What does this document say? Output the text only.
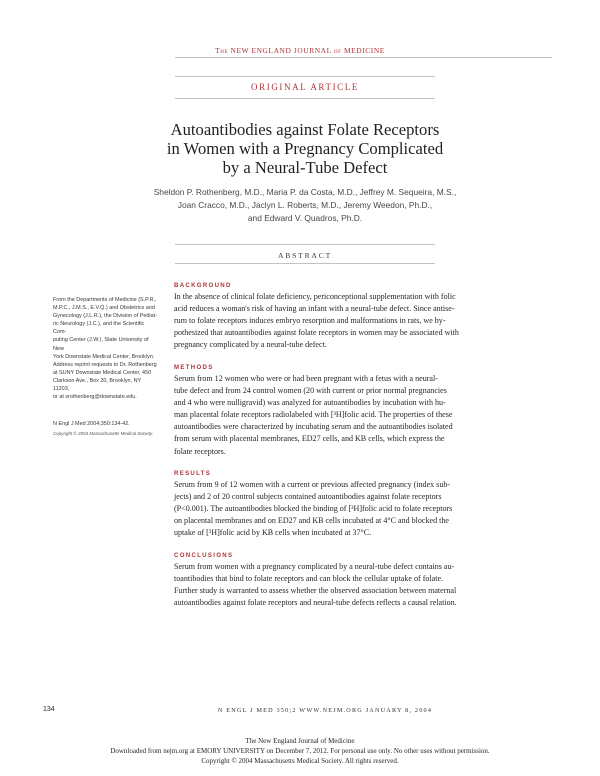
The NEW ENGLAND JOURNAL of MEDICINE
ORIGINAL ARTICLE
Autoantibodies against Folate Receptors
in Women with a Pregnancy Complicated
by a Neural-Tube Defect
Sheldon P. Rothenberg, M.D., Maria P. da Costa, M.D., Jeffrey M. Sequeira, M.S.,
Joan Cracco, M.D., Jaclyn L. Roberts, M.D., Jeremy Weedon, Ph.D.,
and Edward V. Quadros, Ph.D.
ABSTRACT
From the Departments of Medicine (S.P.R.,
M.P.C., J.M.S., E.V.Q.) and Obstetrics and
Gynecology (J.L.R.), the Division of Pediat-
ric Neurology (J.C.), and the Scientific Com-
puting Center (J.W.), State University of New
York Downstate Medical Center, Brooklyn.
Address reprint requests to Dr. Rothenberg
at SUNY Downstate Medical Center, 450
Clarkson Ave., Box 20, Brooklyn, NY 11203,
or at srothenberg@downstate.edu.
N Engl J Med 2004;350:134-42.
Copyright © 2004 Massachusetts Medical Society.
BACKGROUND
In the absence of clinical folate deficiency, periconceptional supplementation with folic
acid reduces a woman's risk of having an infant with a neural-tube defect. Since antise-
rum to folate receptors induces embryo resorption and malformations in rats, we hy-
pothesized that autoantibodies against folate receptors in women may be associated with
pregnancy complicated by a neural-tube defect.
METHODS
Serum from 12 women who were or had been pregnant with a fetus with a neural-
tube defect and from 24 control women (20 with current or prior normal pregnancies
and 4 who were nulligravid) was analyzed for autoantibodies by incubation with hu-
man placental folate receptors radiolabeled with [³H]folic acid. The properties of these
autoantibodies were characterized by incubating serum and the autoantibodies isolated
from serum with placental membranes, ED27 cells, and KB cells, which express the
folate receptors.
RESULTS
Serum from 9 of 12 women with a current or previous affected pregnancy (index sub-
jects) and 2 of 20 control subjects contained autoantibodies against folate receptors
(P<0.001). The autoantibodies blocked the binding of [³H]folic acid to folate receptors
on placental membranes and on ED27 and KB cells incubated at 4°C and blocked the
uptake of [³H]folic acid by KB cells when incubated at 37°C.
CONCLUSIONS
Serum from women with a pregnancy complicated by a neural-tube defect contains au-
toantibodies that bind to folate receptors and can block the cellular uptake of folate.
Further study is warranted to assess whether the observed association between maternal
autoantibodies against folate receptors and neural-tube defects reflects a causal relation.
134	N ENGL J MED 350;2 WWW.NEJM.ORG JANUARY 8, 2004
The New England Journal of Medicine
Downloaded from nejm.org at EMORY UNIVERSITY on December 7, 2012. For personal use only. No other uses without permission.
Copyright © 2004 Massachusetts Medical Society. All rights reserved.
